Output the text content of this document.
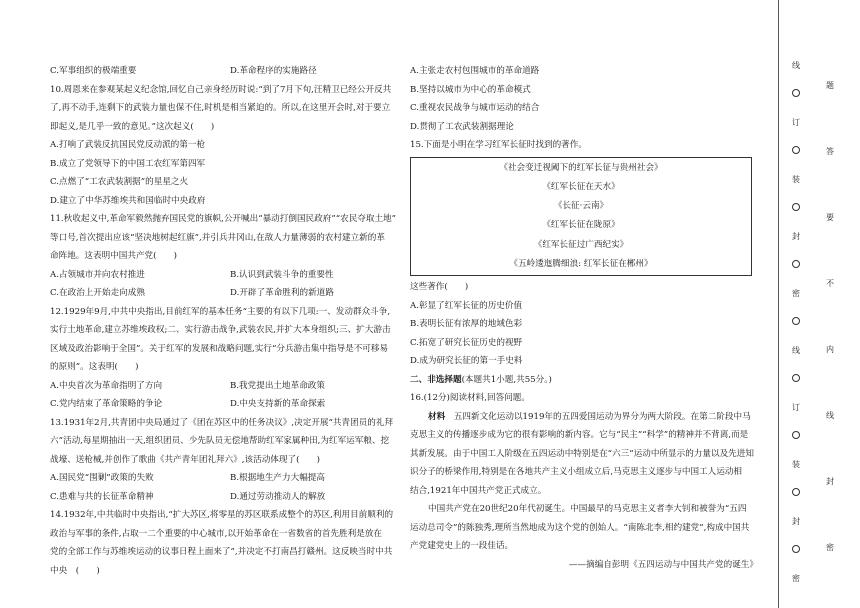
C.军事组织的极端重要	D.革命程序的实施路径
10.周恩来在参观某起义纪念馆,回忆自己亲身经历时说:“到了7月下旬,汪精卫已经公开反共
了,再不动手,连剩下的武装力量也保不住,时机是相当紧迫的。所以,在这里开会时,对于要立
即起义,是几乎一致的意见。”这次起义(　　)
A.打响了武装反抗国民党反动派的第一枪
B.成立了党领导下的中国工农红军第四军
C.点燃了“工农武装割据”的星星之火
D.建立了中华苏维埃共和国临时中央政府
11.秋收起义中,革命军毅然抛弃国民党的旗帜,公开喊出“暴动打倒国民政府”“农民夺取土地”
等口号,首次提出应该“坚决地树起红旗”,并引兵井冈山,在敌人力量薄弱的农村建立新的革
命阵地。这表明中国共产党(　　)
A.占领城市并向农村推进	B.认识到武装斗争的重要性
C.在政治上开始走向成熟	D.开辟了革命胜利的新道路
12.1929年9月,中共中央指出,目前红军的基本任务“主要的有以下几项:一、发动群众斗争,
实行土地革命,建立苏维埃政权;二、实行游击战争,武装农民,并扩大本身组织;三、扩大游击
区域及政治影响于全国”。关于红军的发展和战略问题,实行“分兵游击集中指导是不可移易
的原则”。这表明(　　)
A.中央首次为革命指明了方向	B.我党提出土地革命政策
C.党内结束了革命策略的争论	D.中央支持新的革命探索
13.1931年2月,共青团中央局通过了《团在苏区中的任务决议》,决定开展“共青团员的礼拜
六”活动,每星期抽出一天,组织团员、少先队员无偿地帮助红军家属种田,为红军运军粮、挖
战壕、送枪械,并创作了歌曲《共产青年团礼拜六》,该活动体现了(　　)
A.国民党“围剿”政策的失败	B.根据地生产力大幅提高
C.患难与共的长征革命精神	D.通过劳动推动人的解放
14.1932年,中共临时中央指出,“扩大苏区,将零星的苏区联系成整个的苏区,利用目前顺利的
政治与军事的条件,占取一二个重要的中心城市,以开始革命在一省数省的首先胜利是放在
党的全部工作与苏维埃运动的议事日程上面来了”,并决定不打南昌打赣州。这反映当时中共
中央　(　　)
A.主张走农村包围城市的革命道路
B.坚持以城市为中心的革命模式
C.重视农民战争与城市运动的结合
D.贯彻了工农武装割据理论
15.下面是小明在学习红军长征时找到的著作。
《社会变迁视阈下的红军长征与贵州社会》
《红军长征在天水》
《长征·云南》
《红军长征在陇原》
《红军长征过广西纪实》
《五岭逶迤腾细浪: 红军长征在郴州》
这些著作(　　)
A.彰显了红军长征的历史价值
B.表明长征有浓厚的地域色彩
C.拓宽了研究长征历史的视野
D.成为研究长征的第一手史料
二、非选择题(本题共1小题,共55分。)
16.(12分)阅读材料,回答问题。
材料　五四新文化运动以1919年的五四爱国运动为界分为两大阶段。在第二阶段中马
克思主义的传播逐步成为它的很有影响的新内容。它与“民主”“科学”的精神并不背离,而是
其新发展。由于中国工人阶级在五四运动中特别是在“六三”运动中所显示的力量以及先进知
识分子的桥梁作用,特别是在各地共产主义小组成立后,马克思主义逐步与中国工人运动相
结合,1921年中国共产党正式成立。
中国共产党在20世纪20年代初诞生。中国最早的马克思主义者李大钊和被誉为“五四
运动总司令”的陈独秀,理所当然地成为这个党的创始人。“南陈北李,相约建党”,构成中国共
产党建党史上的一段佳话。
——摘编自彭明《五四运动与中国共产党的诞生》
线
订
装
封
密
线
订
装
封
密
题
答
要
不
内
线
封
密
